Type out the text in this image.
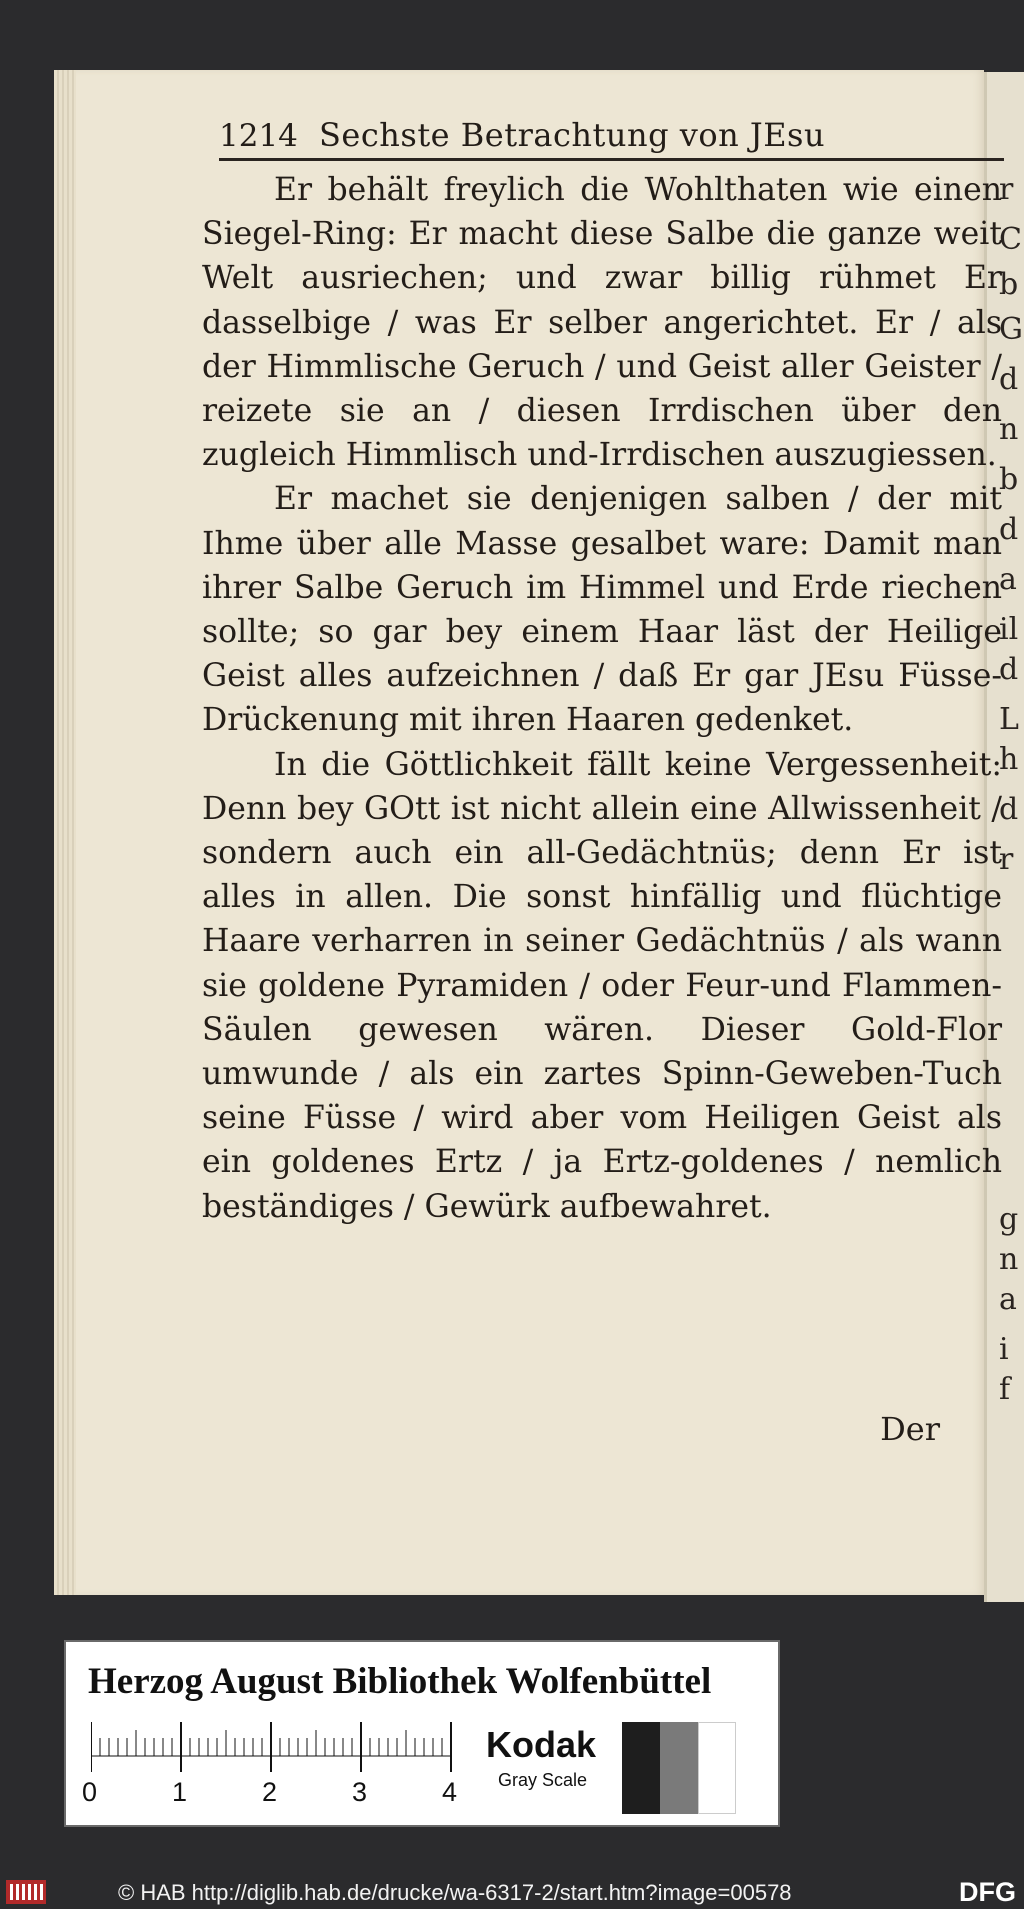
r
C
b
G
d
n
b
d
a
il
d
L
h
d
r
g
n
a
i
f
1214 Sechste Betrachtung von JEsu

Er behält freylich die Wohlthaten wie einen Siegel-Ring: Er macht diese Salbe die ganze weit Welt ausriechen; und zwar billig rühmet Er dasselbige / was Er selber angerichtet. Er / als der Himmlische Geruch / und Geist aller Geister / reizete sie an / diesen Irrdischen über den zugleich Himmlisch und-Irrdischen auszugiessen.

Er machet sie denjenigen salben / der mit Ihme über alle Masse gesalbet ware: Damit man ihrer Salbe Geruch im Himmel und Erde riechen sollte; so gar bey einem Haar läst der Heilige Geist alles aufzeichnen / daß Er gar JEsu Füsse-Drückenung mit ihren Haaren gedenket.

In die Göttlichkeit fällt keine Vergessenheit: Denn bey GOtt ist nicht allein eine Allwissenheit / sondern auch ein all-Gedächtnüs; denn Er ist alles in allen. Die sonst hinfällig und flüchtige Haare verharren in seiner Gedächtnüs / als wann sie goldene Pyramiden / oder Feur-und Flammen-Säulen gewesen wären. Dieser Gold-Flor umwunde / als ein zartes Spinn-Geweben-Tuch seine Füsse / wird aber vom Heiligen Geist als ein goldenes Ertz / ja Ertz-goldenes / nemlich beständiges / Gewürk aufbewahret.

Der
Herzog August Bibliothek Wolfenbüttel
0	1	2	3	4
Kodak
Gray Scale
© HAB http://diglib.hab.de/drucke/wa-6317-2/start.htm?image=00578	DFG
